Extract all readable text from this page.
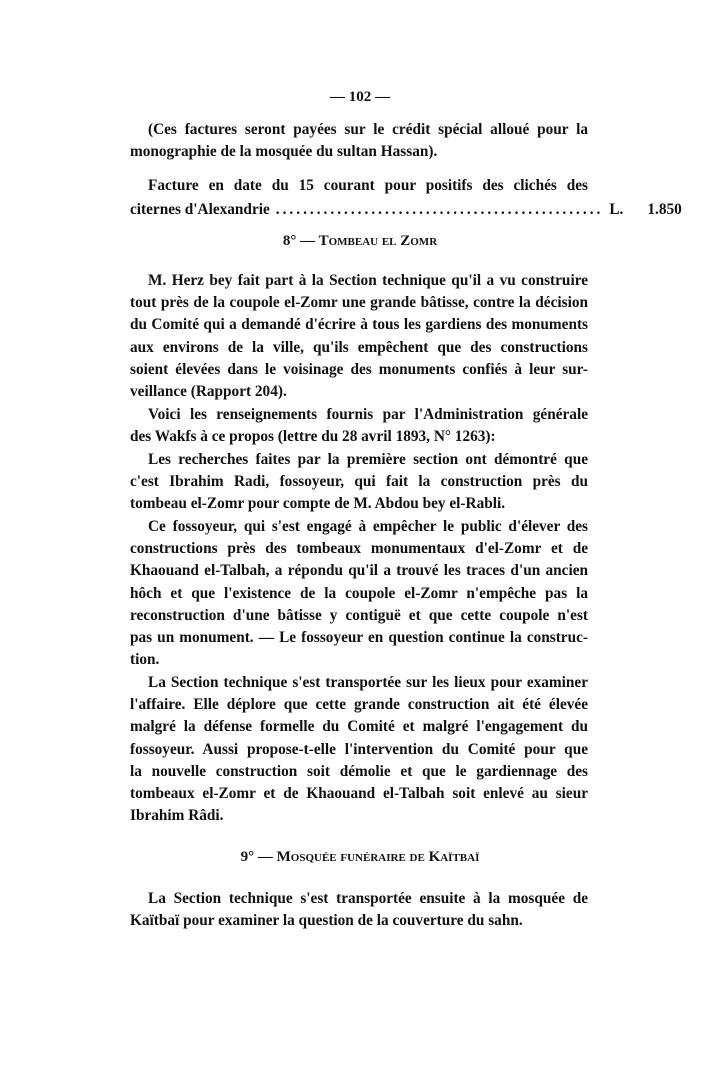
— 102 —
(Ces factures seront payées sur le crédit spécial alloué pour la
monographie de la mosquée du sultan Hassan).
Facture en date du 15 courant pour positifs des clichés des
citernes d'Alexandrie ................................................ L. 1.850
8° — Tombeau el Zomr
M. Herz bey fait part à la Section technique qu'il a vu construire
tout près de la coupole el-Zomr une grande bâtisse, contre la décision
du Comité qui a demandé d'écrire à tous les gardiens des monuments
aux environs de la ville, qu'ils empêchent que des constructions
soient élevées dans le voisinage des monuments confiés à leur sur-
veillance (Rapport 204).
Voici les renseignements fournis par l'Administration générale
des Wakfs à ce propos (lettre du 28 avril 1893, N° 1263):
Les recherches faites par la première section ont démontré que
c'est Ibrahim Radi, fossoyeur, qui fait la construction près du
tombeau el-Zomr pour compte de M. Abdou bey el-Rabli.
Ce fossoyeur, qui s'est engagé à empêcher le public d'élever des
constructions près des tombeaux monumentaux d'el-Zomr et de
Khaouand el-Talbah, a répondu qu'il a trouvé les traces d'un ancien
hôch et que l'existence de la coupole el-Zomr n'empêche pas la
reconstruction d'une bâtisse y contiguë et que cette coupole n'est
pas un monument. — Le fossoyeur en question continue la construc-
tion.
La Section technique s'est transportée sur les lieux pour examiner
l'affaire. Elle déplore que cette grande construction ait été élevée
malgré la défense formelle du Comité et malgré l'engagement du
fossoyeur. Aussi propose-t-elle l'intervention du Comité pour que
la nouvelle construction soit démolie et que le gardiennage des
tombeaux el-Zomr et de Khaouand el-Talbah soit enlevé au sieur
Ibrahim Râdi.
La Section technique s'est transportée ensuite à la mosquée de
Kaïtbaï pour examiner la question de la couverture du sahn.
9° — Mosquée funéraire de Kaïtbaï
